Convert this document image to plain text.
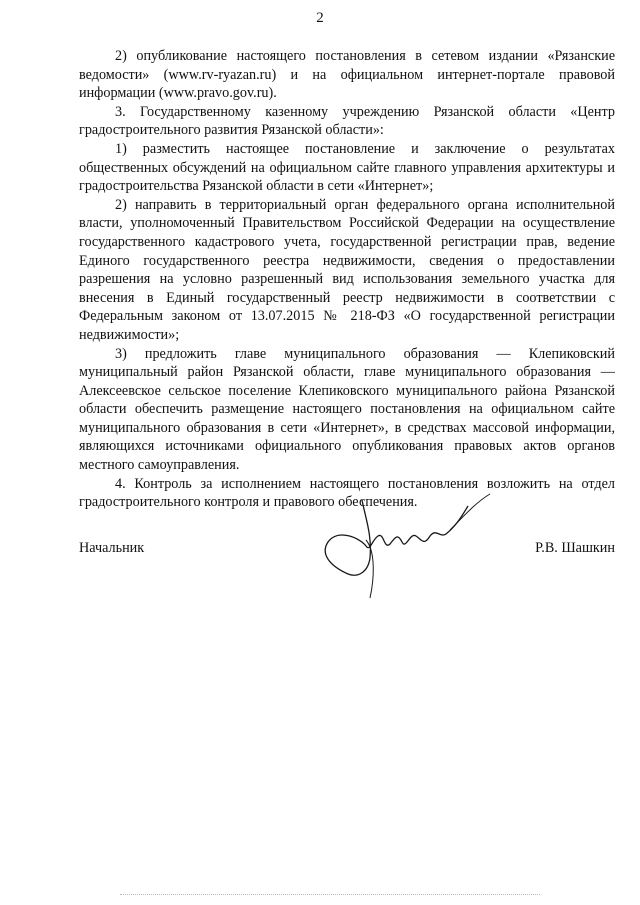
2

2) опубликование настоящего постановления в сетевом издании «Рязанские ведомости» (www.rv-ryazan.ru) и на официальном интернет-портале правовой информации (www.pravo.gov.ru).

3. Государственному казенному учреждению Рязанской области «Центр градостроительного развития Рязанской области»:

1) разместить настоящее постановление и заключение о результатах общественных обсуждений на официальном сайте главного управления архитектуры и градостроительства Рязанской области в сети «Интернет»;

2) направить в территориальный орган федерального органа исполнительной власти, уполномоченный Правительством Российской Федерации на осуществление государственного кадастрового учета, государственной регистрации прав, ведение Единого государственного реестра недвижимости, сведения о предоставлении разрешения на условно разрешенный вид использования земельного участка для внесения в Единый государственный реестр недвижимости в соответствии с Федеральным законом от 13.07.2015 № 218-ФЗ «О государственной регистрации недвижимости»;

3) предложить главе муниципального образования — Клепиковский муниципальный район Рязанской области, главе муниципального образования — Алексеевское сельское поселение Клепиковского муниципального района Рязанской области обеспечить размещение настоящего постановления на официальном сайте муниципального образования в сети «Интернет», в средствах массовой информации, являющихся источниками официального опубликования правовых актов органов местного самоуправления.

4. Контроль за исполнением настоящего постановления возложить на отдел градостроительного контроля и правового обеспечения.

Начальник	Р.В. Шашкин
